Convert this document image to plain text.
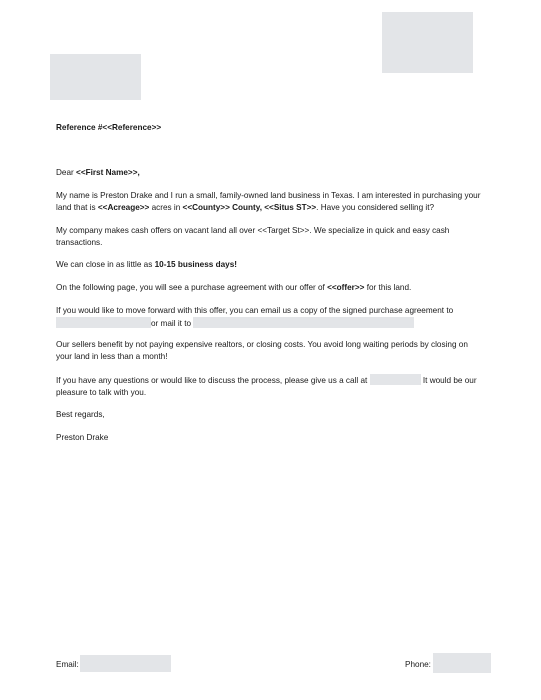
Reference #<<Reference>>

Dear <<First Name>>,

My name is Preston Drake and I run a small, family-owned land business in Texas. I am interested in purchasing your land that is <<Acreage>> acres in <<County>> County, <<Situs ST>>. Have you considered selling it?

My company makes cash offers on vacant land all over <<Target St>>. We specialize in quick and easy cash transactions.

We can close in as little as 10-15 business days!

On the following page, you will see a purchase agreement with our offer of <<offer>> for this land.

If you would like to move forward with this offer, you can email us a copy of the signed purchase agreement to
or mail it to

Our sellers benefit by not paying expensive realtors, or closing costs. You avoid long waiting periods by closing on your land in less than a month!

If you have any questions or would like to discuss the process, please give us a call at	It would be our pleasure to talk with you.

Best regards,

Preston Drake

Email:	Phone:
